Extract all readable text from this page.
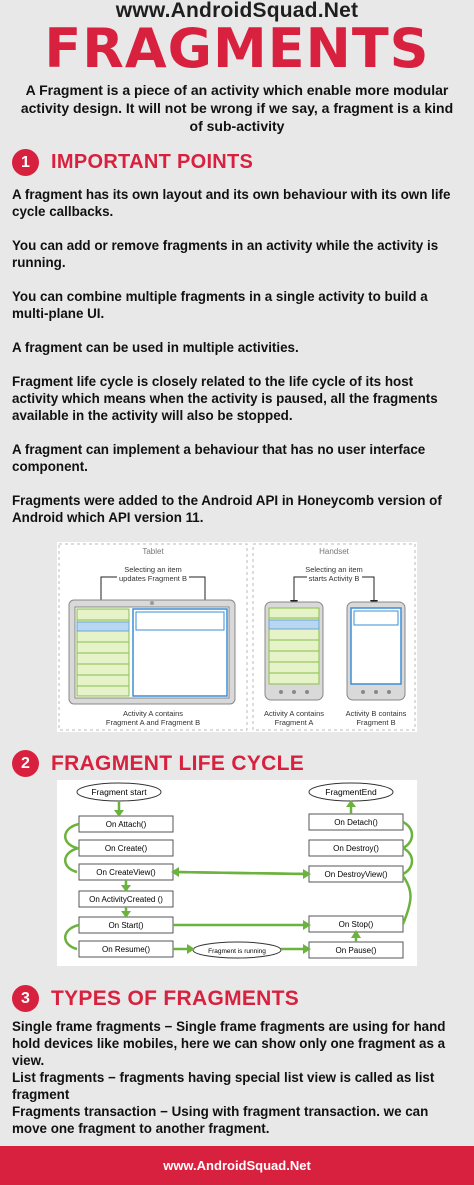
www.AndroidSquad.Net
FRAGMENTS
A Fragment is a piece of an activity which enable more modular activity design. It will not be wrong if we say, a fragment is a kind of sub-activity
1	IMPORTANT POINTS
A fragment has its own layout and its own behaviour with its own life cycle callbacks.
You can add or remove fragments in an activity while the activity is running.
You can combine multiple fragments in a single activity to build a multi-plane UI.
A fragment can be used in multiple activities.
Fragment life cycle is closely related to the life cycle of its host activity which means when the activity is paused, all the fragments available in the activity will also be stopped.
A fragment can implement a behaviour that has no user interface component.
Fragments were added to the Android API in Honeycomb version of Android which API version 11.
Tablet	Handset
Selecting an item updates Fragment B
Selecting an item starts Activity B
Activity A contains Fragment A and Fragment B
Activity A contains Fragment A
Activity B contains Fragment B
2	FRAGMENT LIFE CYCLE
Fragment start	FragmentEnd
On Attach()
On Create()
On CreateView()
On ActivityCreated ()
On Start()
On Resume()
On Detach()
On Destroy()
On DestroyView()
On Stop()
On Pause()
Fragment is running
3	TYPES OF FRAGMENTS

Single frame fragments − Single frame fragments are using for hand hold devices like mobiles, here we can show only one fragment as a view.

List fragments − fragments having special list view is called as list fragment

Fragments transaction − Using with fragment transaction. we can move one fragment to another fragment.

www.AndroidSquad.Net
